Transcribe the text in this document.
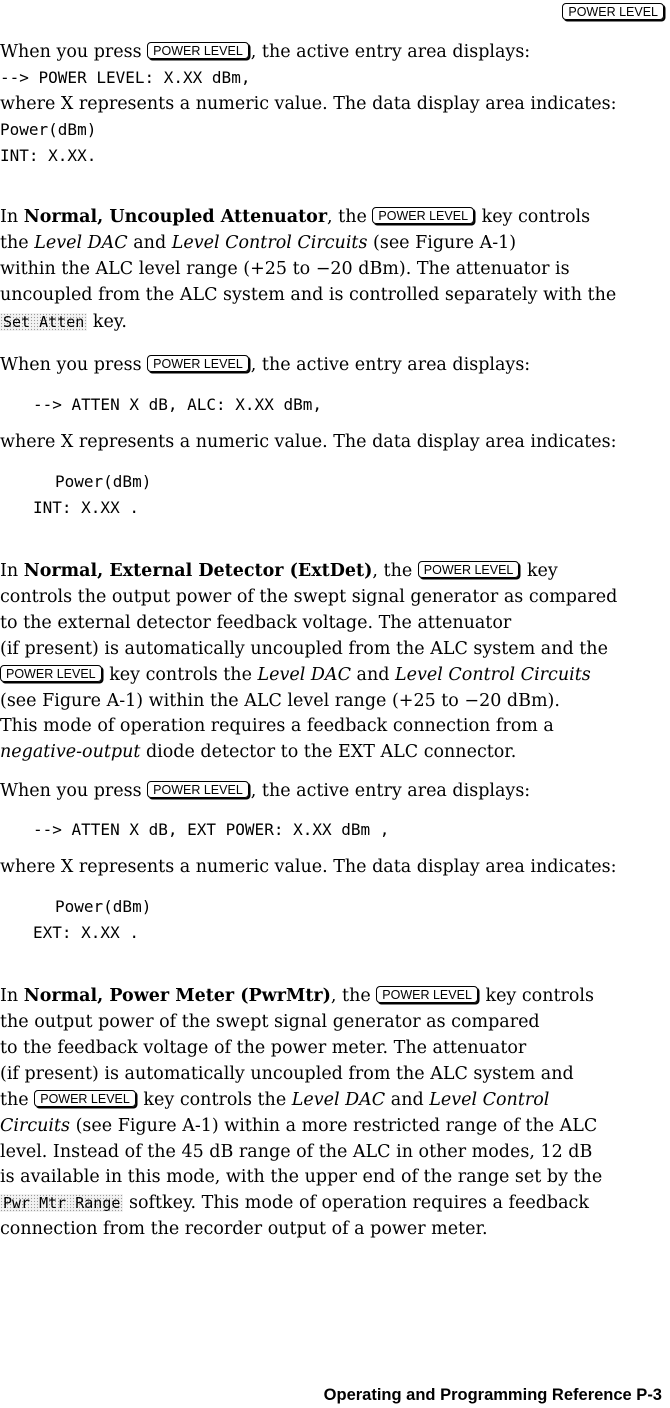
POWER LEVEL
When you press POWER LEVEL , the active entry area displays:
--> POWER LEVEL: X.XX dBm,
where X represents a numeric value. The data display area indicates:
Power(dBm)
INT: X.XX.
In Normal, Uncoupled Attenuator, the POWER LEVEL key controls
the Level DAC and Level Control Circuits (see Figure A-1)
within the ALC level range (+25 to −20 dBm). The attenuator is
uncoupled from the ALC system and is controlled separately with the
Set Atten key.
When you press POWER LEVEL , the active entry area displays:
--> ATTEN X dB, ALC: X.XX dBm,
where X represents a numeric value. The data display area indicates:
Power(dBm)
INT: X.XX .
In Normal, External Detector (ExtDet), the POWER LEVEL key
controls the output power of the swept signal generator as compared
to the external detector feedback voltage. The attenuator
(if present) is automatically uncoupled from the ALC system and the
POWER LEVEL key controls the Level DAC and Level Control Circuits
(see Figure A-1) within the ALC level range (+25 to −20 dBm).
This mode of operation requires a feedback connection from a
negative-output diode detector to the EXT ALC connector.
When you press POWER LEVEL , the active entry area displays:
--> ATTEN X dB, EXT POWER: X.XX dBm ,
where X represents a numeric value. The data display area indicates:
Power(dBm)
EXT: X.XX .
In Normal, Power Meter (PwrMtr), the POWER LEVEL key controls
the output power of the swept signal generator as compared
to the feedback voltage of the power meter. The attenuator
(if present) is automatically uncoupled from the ALC system and
the POWER LEVEL key controls the Level DAC and Level Control
Circuits (see Figure A-1) within a more restricted range of the ALC
level. Instead of the 45 dB range of the ALC in other modes, 12 dB
is available in this mode, with the upper end of the range set by the
Pwr Mtr Range softkey. This mode of operation requires a feedback
connection from the recorder output of a power meter.
Operating and Programming Reference P-3
